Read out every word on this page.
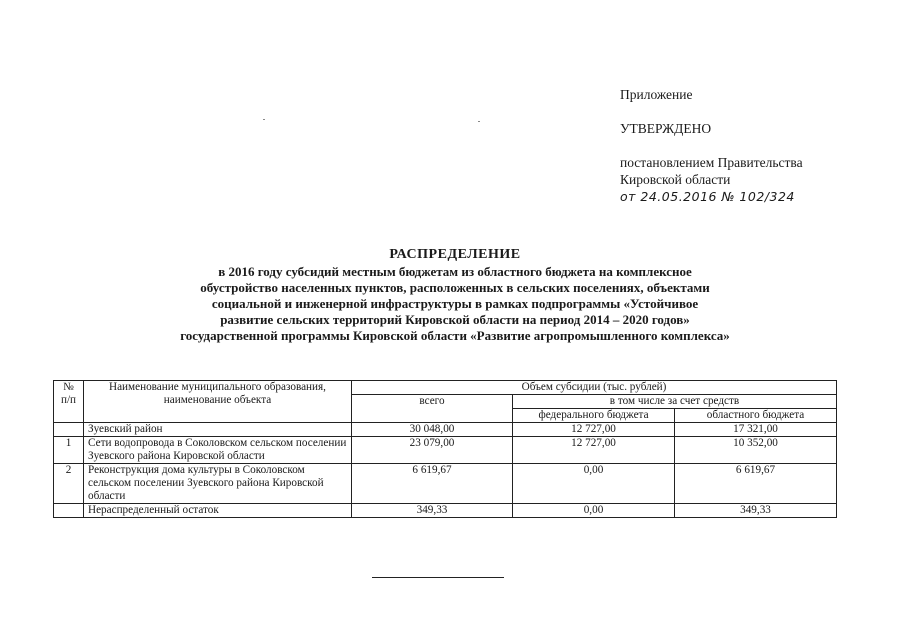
Приложение

УТВЕРЖДЕНО

постановлением Правительства

Кировской области

от 24.05.2016 № 102/324

РАСПРЕДЕЛЕНИЕ
в 2016 году субсидий местным бюджетам из областного бюджета на комплексное
обустройство населенных пунктов, расположенных в сельских поселениях, объектами
социальной и инженерной инфраструктуры в рамках подпрограммы «Устойчивое
развитие сельских территорий Кировской области на период 2014 – 2020 годов»
государственной программы Кировской области «Развитие агропромышленного комплекса»
№ п/п	Наименование муниципального образования, наименование объекта	Объем субсидии (тыс. рублей)		
		всего	в том числе за счет средств	
			федерального бюджета	областного бюджета
	Зуевский район	30 048,00	12 727,00	17 321,00
1	Сети водопровода в Соколовском сельском поселении Зуевского района Кировской области	23 079,00	12 727,00	10 352,00
2	Реконструкция дома культуры в Соколовском сельском поселении Зуевского района Кировской области	6 619,67	0,00	6 619,67
	Нераспределенный остаток	349,33	0,00	349,33
